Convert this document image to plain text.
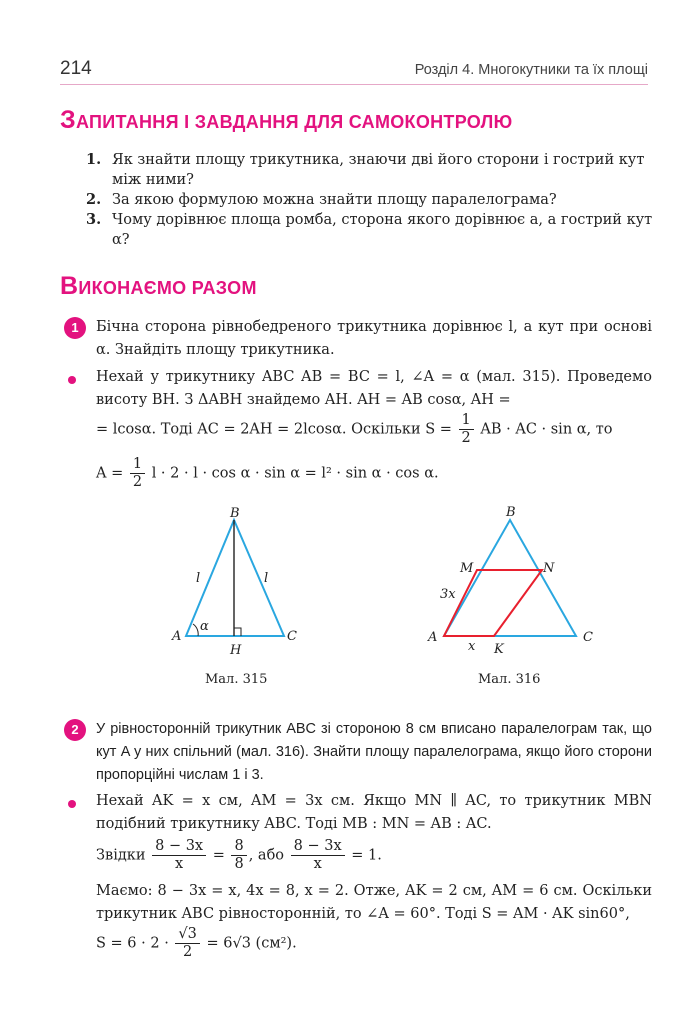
214	Розділ 4. Многокутники та їх площі
ЗАПИТАННЯ І ЗАВДАННЯ ДЛЯ САМОКОНТРОЛЮ
1. Як знайти площу трикутника, знаючи дві його сторони і гострий кут між ними?
2. За якою формулою можна знайти площу паралелограма?
3. Чому дорівнює площа ромба, сторона якого дорівнює a, а гострий кут α?
ВИКОНАЄМО РАЗОМ
1	Бічна сторона рівнобедреного трикутника дорівнює l, а кут при основі α. Знайдіть площу трикутника.

Нехай у трикутнику ABC AB = BC = l, ∠A = α (мал. 315). Проведемо висоту BH. З ΔABH знайдемо AH. AH = AB cosα, AH =

= lcosα. Тоді AC = 2AH = 2lcosα. Оскільки $S = \frac{1}{2}$ AB · AC · sin α, то
$A = \frac{1}{2}$ l · 2 · l · cos α · sin α = l² · sin α · cos α.
B
A	C
H
l	l
α
Мал. 315
B
A	C
M	N
K
3x
x
Мал. 316
2	У рівносторонній трикутник ABC зі стороною 8 см вписано паралелограм так, що кут A у них спільний (мал. 316). Знайти площу паралелограма, якщо його сторони пропорційні числам 1 і 3.

Нехай AK = x см, AM = 3x см. Якщо MN ∥ AC, то трикутник MBN подібний трикутнику ABC. Тоді MB : MN = AB : AC.

Звідки $\frac{8 - 3x}{x} = \frac{8}{8}$ , або $\frac{8 - 3x}{x} = 1$.

Маємо: 8 − 3x = x, 4x = 8, x = 2. Отже, AK = 2 см, AM = 6 см. Оскільки трикутник ABC рівносторонній, то ∠A = 60°. Тоді S = AM · AK sin60°,

$S = 6 \cdot 2 \cdot \frac{√3}{2} = 6√3$ (см²).
